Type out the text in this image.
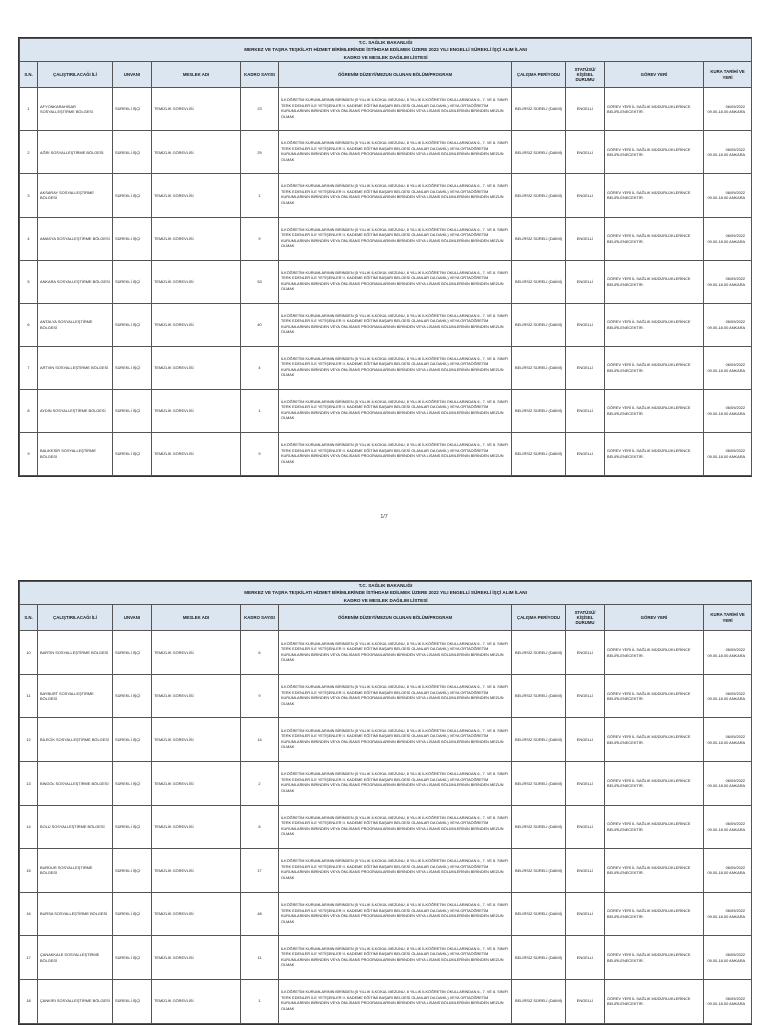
T.C. SAĞLIK BAKANLIĞI
MERKEZ VE TAŞRA TEŞKİLATI HİZMET BİRİMLERİNDE İSTİHDAM EDİLMEK ÜZERE 2022 YILI ENGELLİ SÜREKLİ İŞÇİ ALIM İLANI
KADRO VE MESLEK DAĞILIM LİSTESİ									

S.N.	ÇALIŞTIRILACAĞI İLİ	UNVANI	MESLEK ADI	KADRO SAYISI	ÖĞRENİM DÜZEYİ/MEZUN OLUNAN BÖLÜM/PROGRAM	ÇALIŞMA PERİYODU	STATÜSÜ/ KİŞİSEL DURUMU	GÖREV YERİ	KURA TARİHİ VE YERİ
1	AFYONKARAHİSAR SOSYALLEŞTİRME BÖLGESİ	SÜREKLİ İŞÇİ	TEMİZLİK GÖREVLİSİ	23	İLKÖĞRETİM KURUMLARININ BİRİNDEN (5 YILLIK İLKOKUL MEZUNU, 8 YILLIK İLKÖĞRETİM OKULLARINDAN 6., 7. VE 8. SINIFI TERK EDENLER İLE YETİŞENLER II. KADEME EĞİTİMİ BAŞARI BELGESİ OLANLAR DA DAHİL) VEYA ORTAÖĞRETİM KURUMLARININ BİRİNDEN VEYA ÖNLİSANS PROGRAMLARININ BİRİNDEN VEYA LİSANS BÖLÜMLERİNİN BİRİNDEN MEZUN OLMAK	BELİRSİZ SÜRELİ (DAİMİ)	ENGELLİ	GÖREV YERİ İL SAĞLIK MÜDÜRLÜKLERİNCE BELİRLENECEKTİR.	06/09/2022
09.00-18.00 ANKARA

2	AĞRI SOSYALLEŞTİRME BÖLGESİ	SÜREKLİ İŞÇİ	TEMİZLİK GÖREVLİSİ	29	İLKÖĞRETİM KURUMLARININ BİRİNDEN (5 YILLIK İLKOKUL MEZUNU, 8 YILLIK İLKÖĞRETİM OKULLARINDAN 6., 7. VE 8. SINIFI TERK EDENLER İLE YETİŞENLER II. KADEME EĞİTİMİ BAŞARI BELGESİ OLANLAR DA DAHİL) VEYA ORTAÖĞRETİM KURUMLARININ BİRİNDEN VEYA ÖNLİSANS PROGRAMLARININ BİRİNDEN VEYA LİSANS BÖLÜMLERİNİN BİRİNDEN MEZUN OLMAK	BELİRSİZ SÜRELİ (DAİMİ)	ENGELLİ	GÖREV YERİ İL SAĞLIK MÜDÜRLÜKLERİNCE BELİRLENECEKTİR.	06/09/2022
09.00-18.00 ANKARA

3	AKSARAY SOSYALLEŞTİRME BÖLGESİ	SÜREKLİ İŞÇİ	TEMİZLİK GÖREVLİSİ	1	İLKÖĞRETİM KURUMLARININ BİRİNDEN (5 YILLIK İLKOKUL MEZUNU, 8 YILLIK İLKÖĞRETİM OKULLARINDAN 6., 7. VE 8. SINIFI TERK EDENLER İLE YETİŞENLER II. KADEME EĞİTİMİ BAŞARI BELGESİ OLANLAR DA DAHİL) VEYA ORTAÖĞRETİM KURUMLARININ BİRİNDEN VEYA ÖNLİSANS PROGRAMLARININ BİRİNDEN VEYA LİSANS BÖLÜMLERİNİN BİRİNDEN MEZUN OLMAK	BELİRSİZ SÜRELİ (DAİMİ)	ENGELLİ	GÖREV YERİ İL SAĞLIK MÜDÜRLÜKLERİNCE BELİRLENECEKTİR.	06/09/2022
09.00-18.00 ANKARA

4	AMASYA SOSYALLEŞTİRME BÖLGESİ	SÜREKLİ İŞÇİ	TEMİZLİK GÖREVLİSİ	9	İLKÖĞRETİM KURUMLARININ BİRİNDEN (5 YILLIK İLKOKUL MEZUNU, 8 YILLIK İLKÖĞRETİM OKULLARINDAN 6., 7. VE 8. SINIFI TERK EDENLER İLE YETİŞENLER II. KADEME EĞİTİMİ BAŞARI BELGESİ OLANLAR DA DAHİL) VEYA ORTAÖĞRETİM KURUMLARININ BİRİNDEN VEYA ÖNLİSANS PROGRAMLARININ BİRİNDEN VEYA LİSANS BÖLÜMLERİNİN BİRİNDEN MEZUN OLMAK	BELİRSİZ SÜRELİ (DAİMİ)	ENGELLİ	GÖREV YERİ İL SAĞLIK MÜDÜRLÜKLERİNCE BELİRLENECEKTİR.	06/09/2022
09.00-18.00 ANKARA

5	ANKARA SOSYALLEŞTİRME BÖLGESİ	SÜREKLİ İŞÇİ	TEMİZLİK GÖREVLİSİ	53	İLKÖĞRETİM KURUMLARININ BİRİNDEN (5 YILLIK İLKOKUL MEZUNU, 8 YILLIK İLKÖĞRETİM OKULLARINDAN 6., 7. VE 8. SINIFI TERK EDENLER İLE YETİŞENLER II. KADEME EĞİTİMİ BAŞARI BELGESİ OLANLAR DA DAHİL) VEYA ORTAÖĞRETİM KURUMLARININ BİRİNDEN VEYA ÖNLİSANS PROGRAMLARININ BİRİNDEN VEYA LİSANS BÖLÜMLERİNİN BİRİNDEN MEZUN OLMAK	BELİRSİZ SÜRELİ (DAİMİ)	ENGELLİ	GÖREV YERİ İL SAĞLIK MÜDÜRLÜKLERİNCE BELİRLENECEKTİR.	06/09/2022
09.00-18.00 ANKARA

6	ANTALYA SOSYALLEŞTİRME BÖLGESİ	SÜREKLİ İŞÇİ	TEMİZLİK GÖREVLİSİ	40	İLKÖĞRETİM KURUMLARININ BİRİNDEN (5 YILLIK İLKOKUL MEZUNU, 8 YILLIK İLKÖĞRETİM OKULLARINDAN 6., 7. VE 8. SINIFI TERK EDENLER İLE YETİŞENLER II. KADEME EĞİTİMİ BAŞARI BELGESİ OLANLAR DA DAHİL) VEYA ORTAÖĞRETİM KURUMLARININ BİRİNDEN VEYA ÖNLİSANS PROGRAMLARININ BİRİNDEN VEYA LİSANS BÖLÜMLERİNİN BİRİNDEN MEZUN OLMAK	BELİRSİZ SÜRELİ (DAİMİ)	ENGELLİ	GÖREV YERİ İL SAĞLIK MÜDÜRLÜKLERİNCE BELİRLENECEKTİR.	06/09/2022
09.00-18.00 ANKARA

7	ARTVİN SOSYALLEŞTİRME BÖLGESİ	SÜREKLİ İŞÇİ	TEMİZLİK GÖREVLİSİ	4	İLKÖĞRETİM KURUMLARININ BİRİNDEN (5 YILLIK İLKOKUL MEZUNU, 8 YILLIK İLKÖĞRETİM OKULLARINDAN 6., 7. VE 8. SINIFI TERK EDENLER İLE YETİŞENLER II. KADEME EĞİTİMİ BAŞARI BELGESİ OLANLAR DA DAHİL) VEYA ORTAÖĞRETİM KURUMLARININ BİRİNDEN VEYA ÖNLİSANS PROGRAMLARININ BİRİNDEN VEYA LİSANS BÖLÜMLERİNİN BİRİNDEN MEZUN OLMAK	BELİRSİZ SÜRELİ (DAİMİ)	ENGELLİ	GÖREV YERİ İL SAĞLIK MÜDÜRLÜKLERİNCE BELİRLENECEKTİR.	06/09/2022
09.00-18.00 ANKARA

8	AYDIN SOSYALLEŞTİRME BÖLGESİ	SÜREKLİ İŞÇİ	TEMİZLİK GÖREVLİSİ	1	İLKÖĞRETİM KURUMLARININ BİRİNDEN (5 YILLIK İLKOKUL MEZUNU, 8 YILLIK İLKÖĞRETİM OKULLARINDAN 6., 7. VE 8. SINIFI TERK EDENLER İLE YETİŞENLER II. KADEME EĞİTİMİ BAŞARI BELGESİ OLANLAR DA DAHİL) VEYA ORTAÖĞRETİM KURUMLARININ BİRİNDEN VEYA ÖNLİSANS PROGRAMLARININ BİRİNDEN VEYA LİSANS BÖLÜMLERİNİN BİRİNDEN MEZUN OLMAK	BELİRSİZ SÜRELİ (DAİMİ)	ENGELLİ	GÖREV YERİ İL SAĞLIK MÜDÜRLÜKLERİNCE BELİRLENECEKTİR.	06/09/2022
09.00-18.00 ANKARA

9	BALIKESİR SOSYALLEŞTİRME BÖLGESİ	SÜREKLİ İŞÇİ	TEMİZLİK GÖREVLİSİ	9	İLKÖĞRETİM KURUMLARININ BİRİNDEN (5 YILLIK İLKOKUL MEZUNU, 8 YILLIK İLKÖĞRETİM OKULLARINDAN 6., 7. VE 8. SINIFI TERK EDENLER İLE YETİŞENLER II. KADEME EĞİTİMİ BAŞARI BELGESİ OLANLAR DA DAHİL) VEYA ORTAÖĞRETİM KURUMLARININ BİRİNDEN VEYA ÖNLİSANS PROGRAMLARININ BİRİNDEN VEYA LİSANS BÖLÜMLERİNİN BİRİNDEN MEZUN OLMAK	BELİRSİZ SÜRELİ (DAİMİ)	ENGELLİ	GÖREV YERİ İL SAĞLIK MÜDÜRLÜKLERİNCE BELİRLENECEKTİR.	06/09/2022
09.00-18.00 ANKARA
1/7
T.C. SAĞLIK BAKANLIĞI
MERKEZ VE TAŞRA TEŞKİLATI HİZMET BİRİMLERİNDE İSTİHDAM EDİLMEK ÜZERE 2022 YILI ENGELLİ SÜREKLİ İŞÇİ ALIM İLANI
KADRO VE MESLEK DAĞILIM LİSTESİ									

S.N.	ÇALIŞTIRILACAĞI İLİ	UNVANI	MESLEK ADI	KADRO SAYISI	ÖĞRENİM DÜZEYİ/MEZUN OLUNAN BÖLÜM/PROGRAM	ÇALIŞMA PERİYODU	STATÜSÜ/ KİŞİSEL DURUMU	GÖREV YERİ	KURA TARİHİ VE YERİ
10	BARTIN SOSYALLEŞTİRME BÖLGESİ	SÜREKLİ İŞÇİ	TEMİZLİK GÖREVLİSİ	6	İLKÖĞRETİM KURUMLARININ BİRİNDEN (5 YILLIK İLKOKUL MEZUNU, 8 YILLIK İLKÖĞRETİM OKULLARINDAN 6., 7. VE 8. SINIFI TERK EDENLER İLE YETİŞENLER II. KADEME EĞİTİMİ BAŞARI BELGESİ OLANLAR DA DAHİL) VEYA ORTAÖĞRETİM KURUMLARININ BİRİNDEN VEYA ÖNLİSANS PROGRAMLARININ BİRİNDEN VEYA LİSANS BÖLÜMLERİNİN BİRİNDEN MEZUN OLMAK	BELİRSİZ SÜRELİ (DAİMİ)	ENGELLİ	GÖREV YERİ İL SAĞLIK MÜDÜRLÜKLERİNCE BELİRLENECEKTİR.	06/09/2022
09.00-18.00 ANKARA

11	BAYBURT SOSYALLEŞTİRME BÖLGESİ	SÜREKLİ İŞÇİ	TEMİZLİK GÖREVLİSİ	9	İLKÖĞRETİM KURUMLARININ BİRİNDEN (5 YILLIK İLKOKUL MEZUNU, 8 YILLIK İLKÖĞRETİM OKULLARINDAN 6., 7. VE 8. SINIFI TERK EDENLER İLE YETİŞENLER II. KADEME EĞİTİMİ BAŞARI BELGESİ OLANLAR DA DAHİL) VEYA ORTAÖĞRETİM KURUMLARININ BİRİNDEN VEYA ÖNLİSANS PROGRAMLARININ BİRİNDEN VEYA LİSANS BÖLÜMLERİNİN BİRİNDEN MEZUN OLMAK	BELİRSİZ SÜRELİ (DAİMİ)	ENGELLİ	GÖREV YERİ İL SAĞLIK MÜDÜRLÜKLERİNCE BELİRLENECEKTİR.	06/09/2022
09.00-18.00 ANKARA

12	BİLECİK SOSYALLEŞTİRME BÖLGESİ	SÜREKLİ İŞÇİ	TEMİZLİK GÖREVLİSİ	14	İLKÖĞRETİM KURUMLARININ BİRİNDEN (5 YILLIK İLKOKUL MEZUNU, 8 YILLIK İLKÖĞRETİM OKULLARINDAN 6., 7. VE 8. SINIFI TERK EDENLER İLE YETİŞENLER II. KADEME EĞİTİMİ BAŞARI BELGESİ OLANLAR DA DAHİL) VEYA ORTAÖĞRETİM KURUMLARININ BİRİNDEN VEYA ÖNLİSANS PROGRAMLARININ BİRİNDEN VEYA LİSANS BÖLÜMLERİNİN BİRİNDEN MEZUN OLMAK	BELİRSİZ SÜRELİ (DAİMİ)	ENGELLİ	GÖREV YERİ İL SAĞLIK MÜDÜRLÜKLERİNCE BELİRLENECEKTİR.	06/09/2022
09.00-18.00 ANKARA

13	BİNGÖL SOSYALLEŞTİRME BÖLGESİ	SÜREKLİ İŞÇİ	TEMİZLİK GÖREVLİSİ	2	İLKÖĞRETİM KURUMLARININ BİRİNDEN (5 YILLIK İLKOKUL MEZUNU, 8 YILLIK İLKÖĞRETİM OKULLARINDAN 6., 7. VE 8. SINIFI TERK EDENLER İLE YETİŞENLER II. KADEME EĞİTİMİ BAŞARI BELGESİ OLANLAR DA DAHİL) VEYA ORTAÖĞRETİM KURUMLARININ BİRİNDEN VEYA ÖNLİSANS PROGRAMLARININ BİRİNDEN VEYA LİSANS BÖLÜMLERİNİN BİRİNDEN MEZUN OLMAK	BELİRSİZ SÜRELİ (DAİMİ)	ENGELLİ	GÖREV YERİ İL SAĞLIK MÜDÜRLÜKLERİNCE BELİRLENECEKTİR.	06/09/2022
09.00-18.00 ANKARA

14	BOLU SOSYALLEŞTİRME BÖLGESİ	SÜREKLİ İŞÇİ	TEMİZLİK GÖREVLİSİ	8	İLKÖĞRETİM KURUMLARININ BİRİNDEN (5 YILLIK İLKOKUL MEZUNU, 8 YILLIK İLKÖĞRETİM OKULLARINDAN 6., 7. VE 8. SINIFI TERK EDENLER İLE YETİŞENLER II. KADEME EĞİTİMİ BAŞARI BELGESİ OLANLAR DA DAHİL) VEYA ORTAÖĞRETİM KURUMLARININ BİRİNDEN VEYA ÖNLİSANS PROGRAMLARININ BİRİNDEN VEYA LİSANS BÖLÜMLERİNİN BİRİNDEN MEZUN OLMAK	BELİRSİZ SÜRELİ (DAİMİ)	ENGELLİ	GÖREV YERİ İL SAĞLIK MÜDÜRLÜKLERİNCE BELİRLENECEKTİR.	06/09/2022
09.00-18.00 ANKARA

15	BURDUR SOSYALLEŞTİRME BÖLGESİ	SÜREKLİ İŞÇİ	TEMİZLİK GÖREVLİSİ	17	İLKÖĞRETİM KURUMLARININ BİRİNDEN (5 YILLIK İLKOKUL MEZUNU, 8 YILLIK İLKÖĞRETİM OKULLARINDAN 6., 7. VE 8. SINIFI TERK EDENLER İLE YETİŞENLER II. KADEME EĞİTİMİ BAŞARI BELGESİ OLANLAR DA DAHİL) VEYA ORTAÖĞRETİM KURUMLARININ BİRİNDEN VEYA ÖNLİSANS PROGRAMLARININ BİRİNDEN VEYA LİSANS BÖLÜMLERİNİN BİRİNDEN MEZUN OLMAK	BELİRSİZ SÜRELİ (DAİMİ)	ENGELLİ	GÖREV YERİ İL SAĞLIK MÜDÜRLÜKLERİNCE BELİRLENECEKTİR.	06/09/2022
09.00-18.00 ANKARA

16	BURSA SOSYALLEŞTİRME BÖLGESİ	SÜREKLİ İŞÇİ	TEMİZLİK GÖREVLİSİ	48	İLKÖĞRETİM KURUMLARININ BİRİNDEN (5 YILLIK İLKOKUL MEZUNU, 8 YILLIK İLKÖĞRETİM OKULLARINDAN 6., 7. VE 8. SINIFI TERK EDENLER İLE YETİŞENLER II. KADEME EĞİTİMİ BAŞARI BELGESİ OLANLAR DA DAHİL) VEYA ORTAÖĞRETİM KURUMLARININ BİRİNDEN VEYA ÖNLİSANS PROGRAMLARININ BİRİNDEN VEYA LİSANS BÖLÜMLERİNİN BİRİNDEN MEZUN OLMAK	BELİRSİZ SÜRELİ (DAİMİ)	ENGELLİ	GÖREV YERİ İL SAĞLIK MÜDÜRLÜKLERİNCE BELİRLENECEKTİR.	06/09/2022
09.00-18.00 ANKARA

17	ÇANAKKALE SOSYALLEŞTİRME BÖLGESİ	SÜREKLİ İŞÇİ	TEMİZLİK GÖREVLİSİ	11	İLKÖĞRETİM KURUMLARININ BİRİNDEN (5 YILLIK İLKOKUL MEZUNU, 8 YILLIK İLKÖĞRETİM OKULLARINDAN 6., 7. VE 8. SINIFI TERK EDENLER İLE YETİŞENLER II. KADEME EĞİTİMİ BAŞARI BELGESİ OLANLAR DA DAHİL) VEYA ORTAÖĞRETİM KURUMLARININ BİRİNDEN VEYA ÖNLİSANS PROGRAMLARININ BİRİNDEN VEYA LİSANS BÖLÜMLERİNİN BİRİNDEN MEZUN OLMAK	BELİRSİZ SÜRELİ (DAİMİ)	ENGELLİ	GÖREV YERİ İL SAĞLIK MÜDÜRLÜKLERİNCE BELİRLENECEKTİR.	06/09/2022
09.00-18.00 ANKARA

18	ÇANKIRI SOSYALLEŞTİRME BÖLGESİ	SÜREKLİ İŞÇİ	TEMİZLİK GÖREVLİSİ	1	İLKÖĞRETİM KURUMLARININ BİRİNDEN (5 YILLIK İLKOKUL MEZUNU, 8 YILLIK İLKÖĞRETİM OKULLARINDAN 6., 7. VE 8. SINIFI TERK EDENLER İLE YETİŞENLER II. KADEME EĞİTİMİ BAŞARI BELGESİ OLANLAR DA DAHİL) VEYA ORTAÖĞRETİM KURUMLARININ BİRİNDEN VEYA ÖNLİSANS PROGRAMLARININ BİRİNDEN VEYA LİSANS BÖLÜMLERİNİN BİRİNDEN MEZUN OLMAK	BELİRSİZ SÜRELİ (DAİMİ)	ENGELLİ	GÖREV YERİ İL SAĞLIK MÜDÜRLÜKLERİNCE BELİRLENECEKTİR.	06/09/2022
09.00-18.00 ANKARA
